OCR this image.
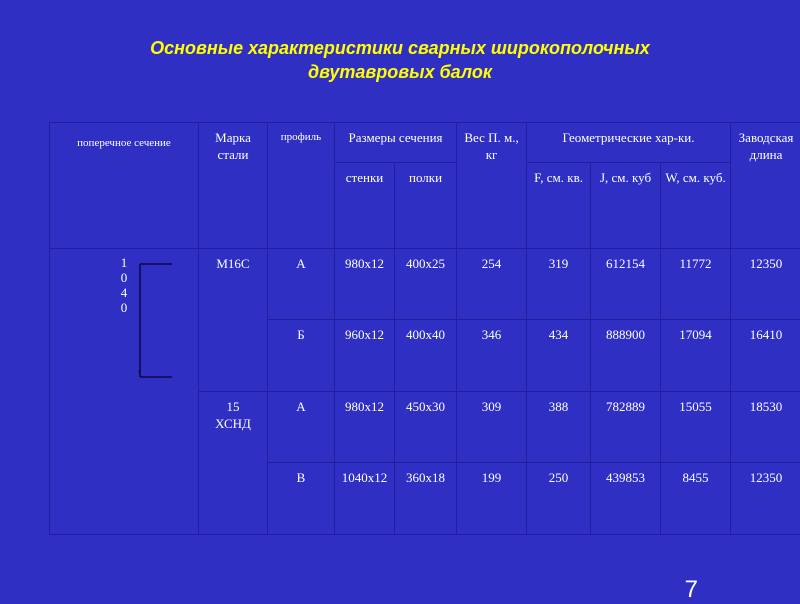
Основные характеристики сварных широкополочных
двутавровых балок
поперечное сечение	Марка стали	профиль	Размеры сечения		Вес П. м., кг	Геометрические хар-ки.			Заводская длина
			стенки	полки		F, см. кв.	J, см. куб	W, см. куб.	

1
0
4
0	М16С	А	980х12	400х25	254	319	612154	11772	12350
		Б	960х12	400х40	346	434	888900	17094	16410
	15 ХСНД	А	980х12	450х30	309	388	782889	15055	18530
		В	1040х12	360х18	199	250	439853	8455	12350
7
